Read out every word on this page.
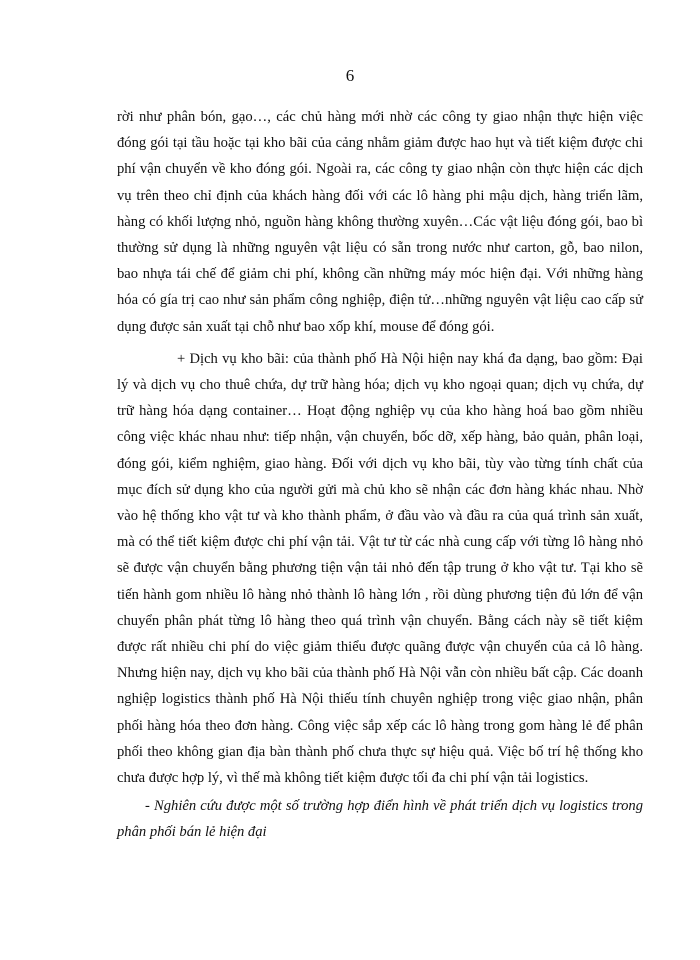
6

rời như phân bón, gạo…, các chủ hàng mới nhờ các công ty giao nhận thực hiện việc đóng gói tại tầu hoặc tại kho bãi của cảng nhằm giảm được hao hụt và tiết kiệm được chi phí vận chuyển về kho đóng gói. Ngoài ra, các công ty giao nhận còn thực hiện các dịch vụ trên theo chỉ định của khách hàng đối với các lô hàng phi mậu dịch, hàng triển lãm, hàng có khối lượng nhỏ, nguồn hàng không thường xuyên…Các vật liệu đóng gói, bao bì thường sử dụng là những nguyên vật liệu có sẵn trong nước như carton, gỗ, bao nilon, bao nhựa tái chế để giảm chi phí, không cần những máy móc hiện đại. Với những hàng hóa có gía trị cao như sản phẩm công nghiệp, điện tử…những nguyên vật liệu cao cấp sử dụng được sản xuất tại chỗ như bao xốp khí, mouse để đóng gói.

+ Dịch vụ kho bãi: của thành phố Hà Nội hiện nay khá đa dạng, bao gồm: Đại lý và dịch vụ cho thuê chứa, dự trữ hàng hóa; dịch vụ kho ngoại quan; dịch vụ chứa, dự trữ hàng hóa dạng container… Hoạt động nghiệp vụ của kho hàng hoá bao gồm nhiều công việc khác nhau như: tiếp nhận, vận chuyển, bốc dỡ, xếp hàng, bảo quản, phân loại, đóng gói, kiểm nghiệm, giao hàng. Đối với dịch vụ kho bãi, tùy vào từng tính chất của mục đích sử dụng kho của người gửi mà chủ kho sẽ nhận các đơn hàng khác nhau. Nhờ vào hệ thống kho vật tư và kho thành phẩm, ở đầu vào và đầu ra của quá trình sản xuất, mà có thể tiết kiệm được chi phí vận tải. Vật tư từ các nhà cung cấp với từng lô hàng nhỏ sẽ được vận chuyển bằng phương tiện vận tải nhỏ đến tập trung ở kho vật tư. Tại kho sẽ tiến hành gom nhiều lô hàng nhỏ thành lô hàng lớn , rồi dùng phương tiện đủ lớn để vận chuyển phân phát từng lô hàng theo quá trình vận chuyển. Bằng cách này sẽ tiết kiệm được rất nhiều chi phí do việc giảm thiểu được quãng được vận chuyển của cả lô hàng. Nhưng hiện nay, dịch vụ kho bãi của thành phố Hà Nội vẫn còn nhiều bất cập. Các doanh nghiệp logistics thành phố Hà Nội thiếu tính chuyên nghiệp trong việc giao nhận, phân phối hàng hóa theo đơn hàng. Công việc sắp xếp các lô hàng trong gom hàng lẻ để phân phối theo không gian địa bàn thành phố chưa thực sự hiệu quả. Việc bố trí hệ thống kho chưa được hợp lý, vì thế mà không tiết kiệm được tối đa chi phí vận tải logistics.

- Nghiên cứu được một số trường hợp điển hình về phát triển dịch vụ logistics trong phân phối bán lẻ hiện đại
